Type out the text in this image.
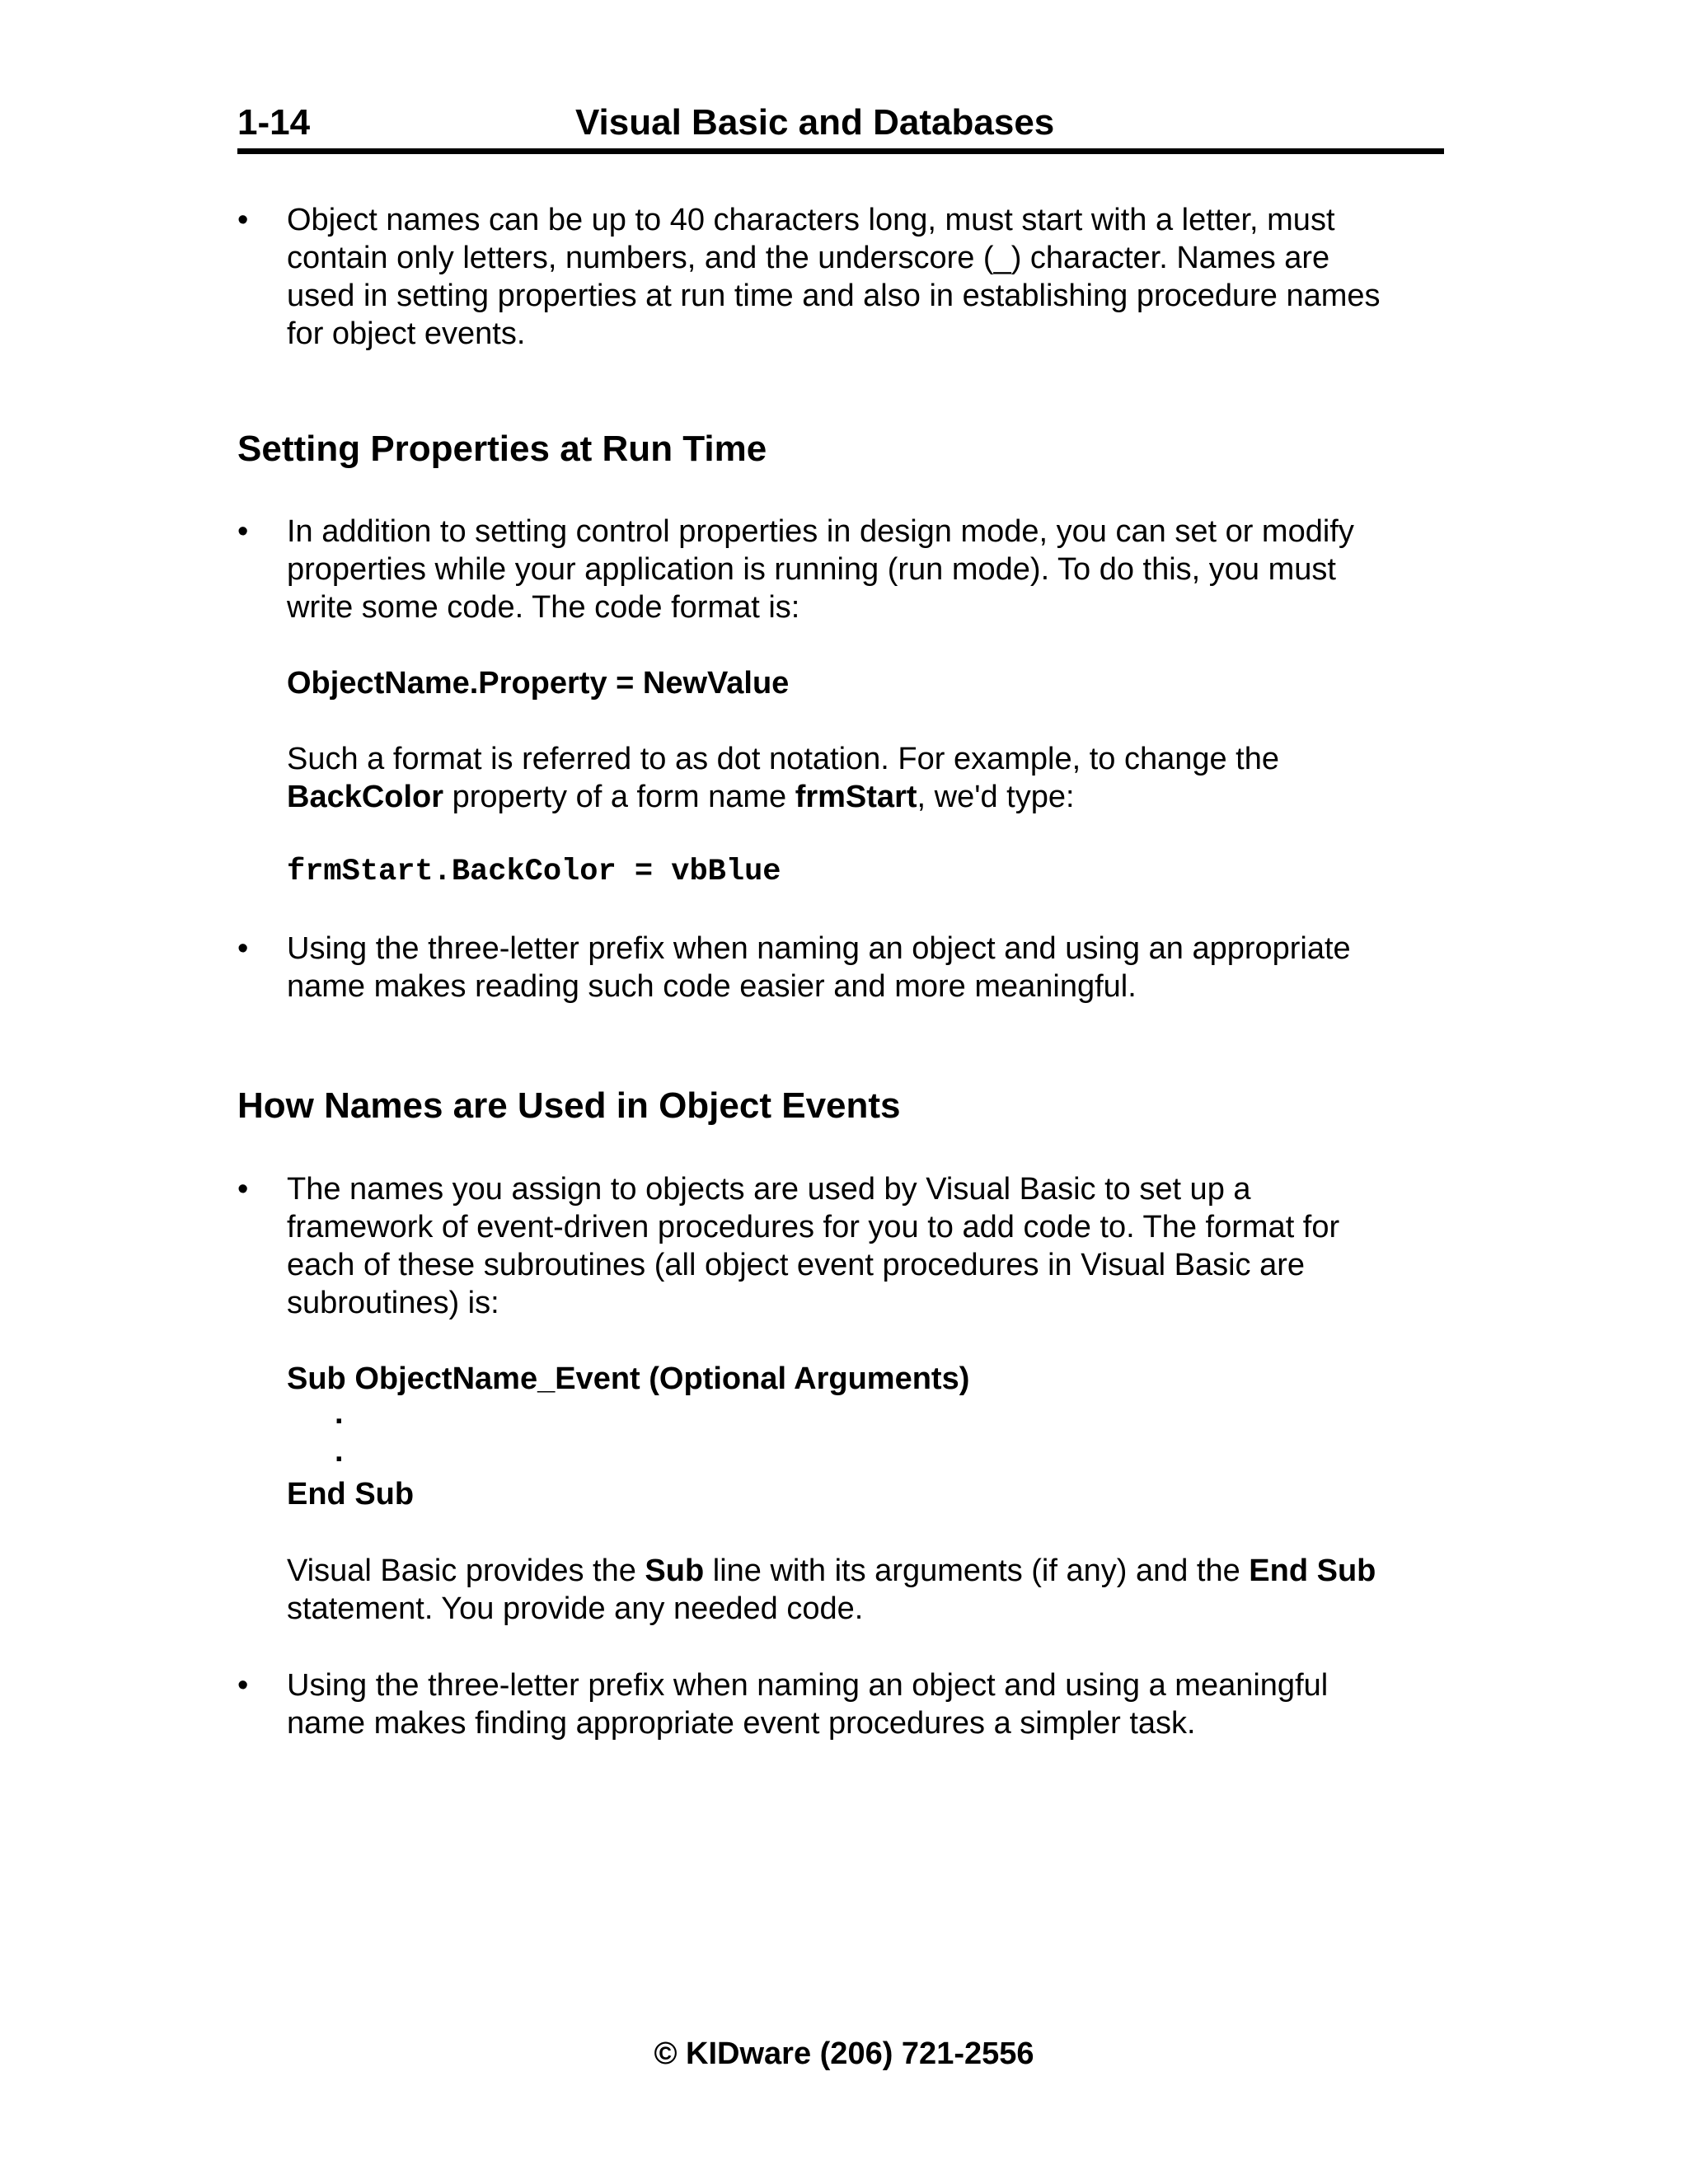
1-14	Visual Basic and Databases
• Object names can be up to 40 characters long, must start with a letter, must
contain only letters, numbers, and the underscore (_) character. Names are
used in setting properties at run time and also in establishing procedure names
for object events.
Setting Properties at Run Time
• In addition to setting control properties in design mode, you can set or modify
properties while your application is running (run mode). To do this, you must
write some code. The code format is:
ObjectName.Property = NewValue
Such a format is referred to as dot notation. For example, to change the
BackColor property of a form name frmStart, we'd type:
frmStart.BackColor = vbBlue
• Using the three-letter prefix when naming an object and using an appropriate
name makes reading such code easier and more meaningful.
How Names are Used in Object Events
• The names you assign to objects are used by Visual Basic to set up a
framework of event-driven procedures for you to add code to. The format for
each of these subroutines (all object event procedures in Visual Basic are
subroutines) is:
Sub ObjectName_Event (Optional Arguments)
.
.
End Sub
Visual Basic provides the Sub line with its arguments (if any) and the End Sub
statement. You provide any needed code.
• Using the three-letter prefix when naming an object and using a meaningful
name makes finding appropriate event procedures a simpler task.
© KIDware (206) 721-2556
